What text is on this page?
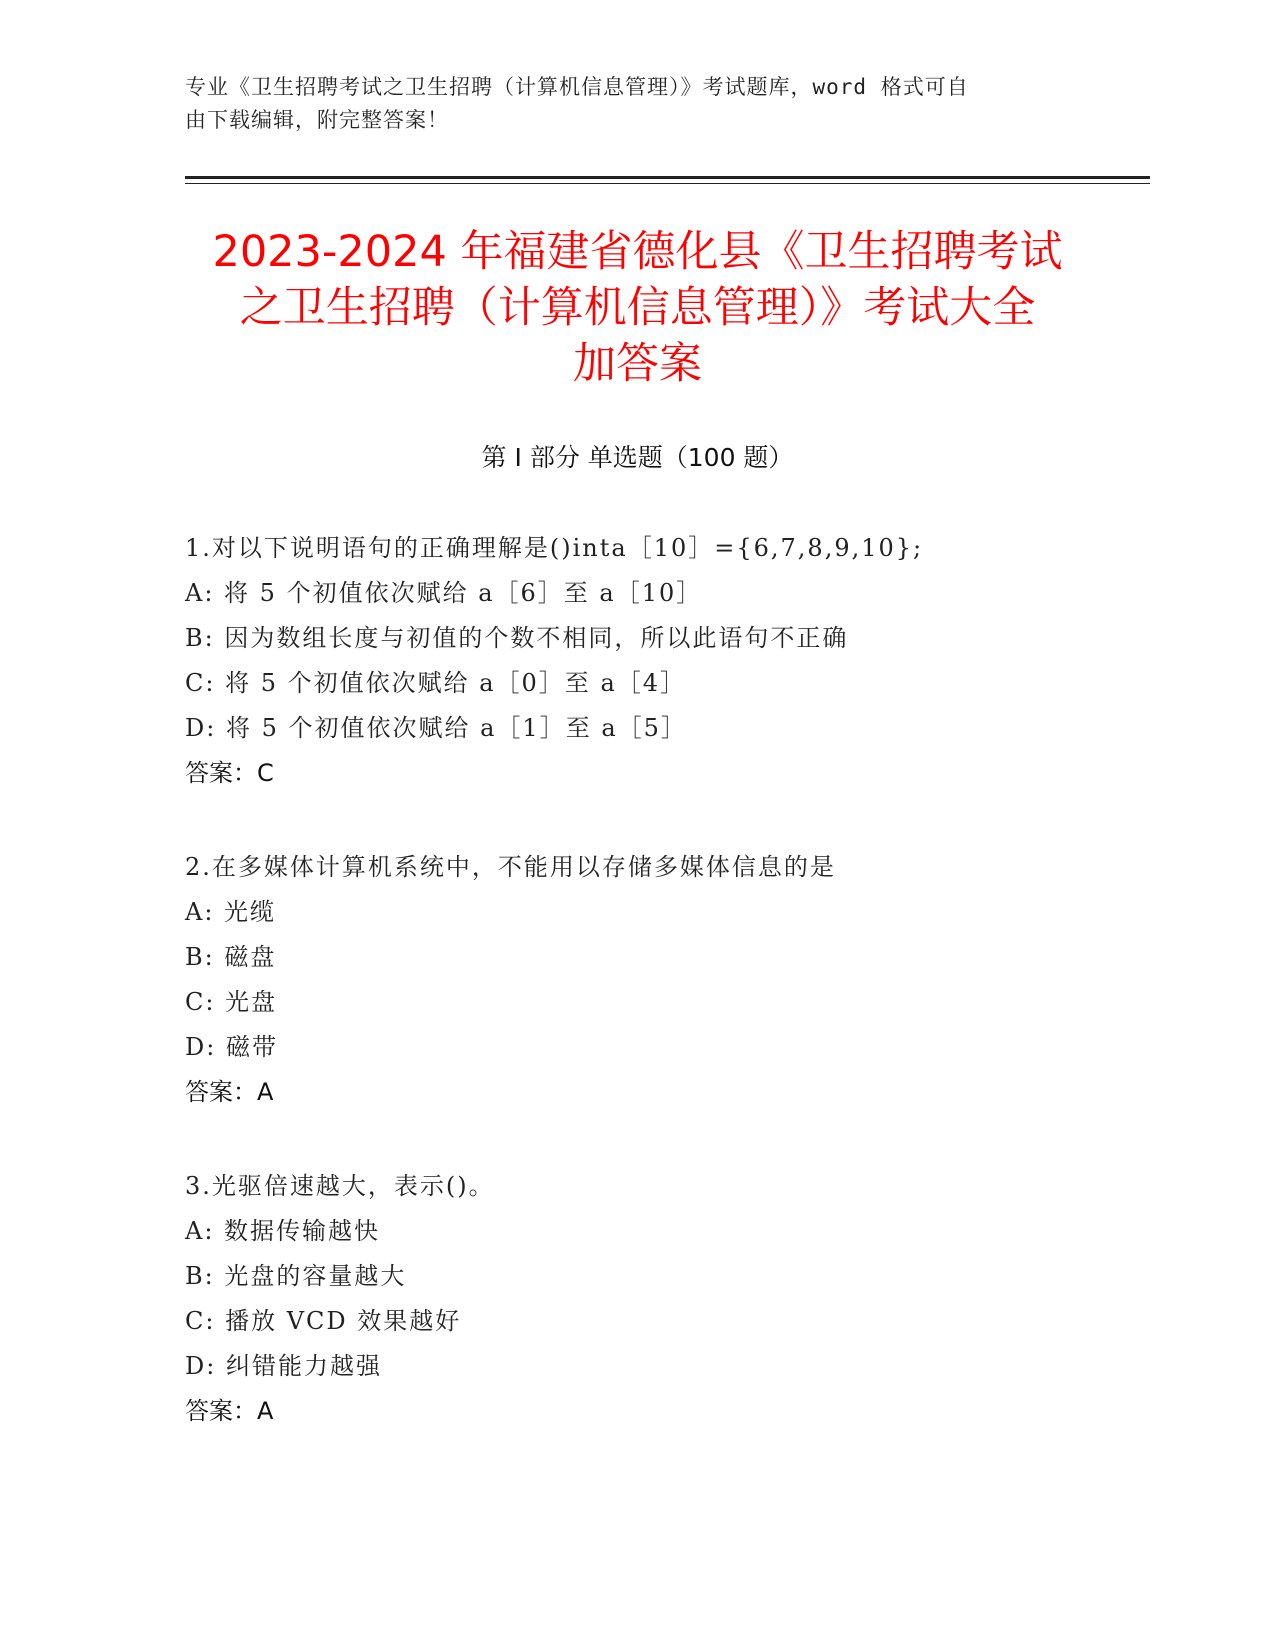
专业《卫生招聘考试之卫生招聘（计算机信息管理）》考试题库，word 格式可自
由下载编辑，附完整答案！
2023-2024 年福建省德化县《卫生招聘考试
之卫生招聘（计算机信息管理）》考试大全
加答案
第 I 部分 单选题（100 题）
1.对以下说明语句的正确理解是()inta［10］={6,7,8,9,10};
A: 将 5 个初值依次赋给 a［6］至 a［10］
B: 因为数组长度与初值的个数不相同，所以此语句不正确
C: 将 5 个初值依次赋给 a［0］至 a［4］
D: 将 5 个初值依次赋给 a［1］至 a［5］
答案：C
2.在多媒体计算机系统中，不能用以存储多媒体信息的是
A: 光缆
B: 磁盘
C: 光盘
D: 磁带
答案：A
3.光驱倍速越大，表示()。
A: 数据传输越快
B: 光盘的容量越大
C: 播放 VCD 效果越好
D: 纠错能力越强
答案：A
